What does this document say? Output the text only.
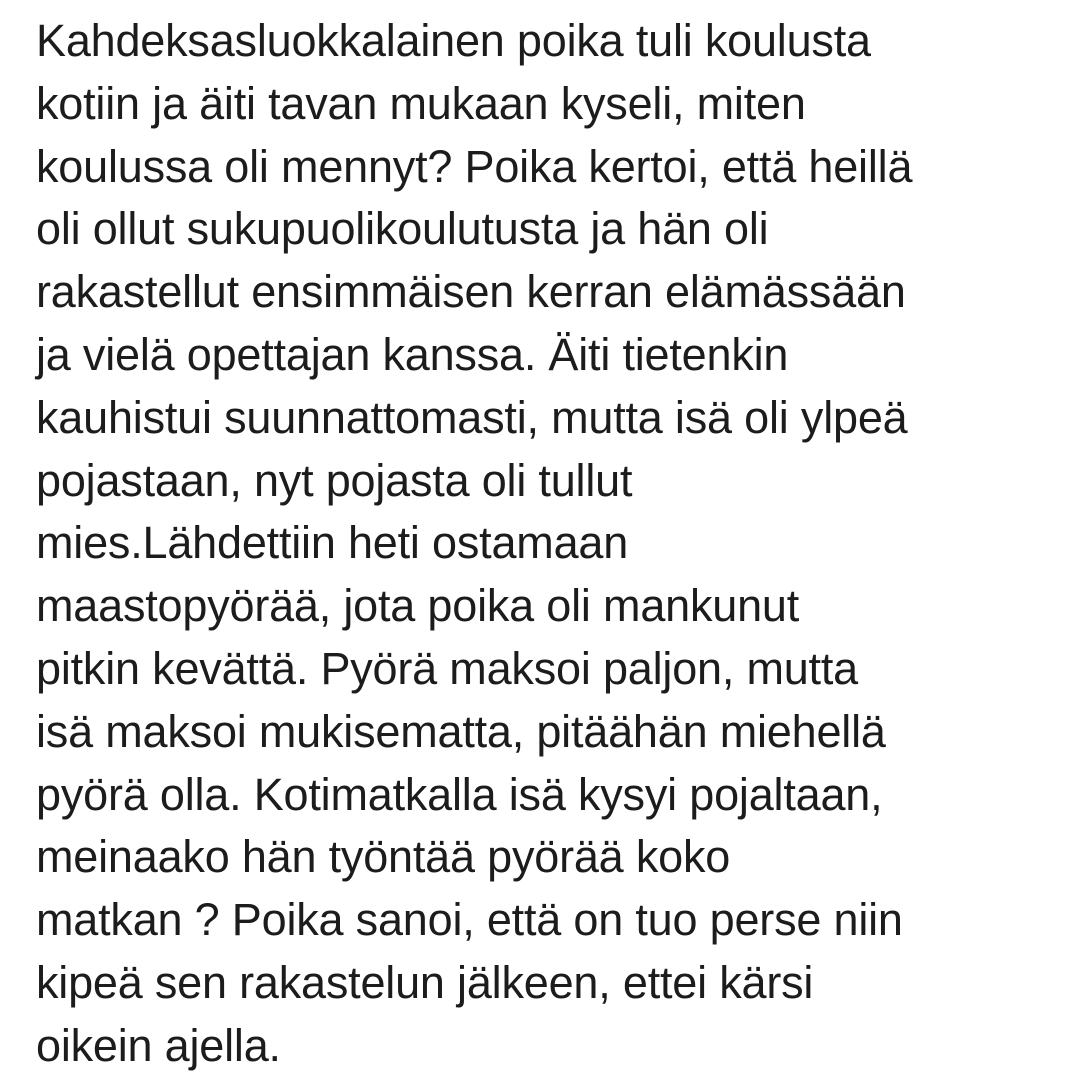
Kahdeksasluokkalainen poika tuli koulusta
kotiin ja äiti tavan mukaan kyseli, miten
koulussa oli mennyt? Poika kertoi, että heillä
oli ollut sukupuolikoulutusta ja hän oli
rakastellut ensimmäisen kerran elämässään
ja vielä opettajan kanssa. Äiti tietenkin
kauhistui suunnattomasti, mutta isä oli ylpeä
pojastaan, nyt pojasta oli tullut
mies.Lähdettiin heti ostamaan
maastopyörää, jota poika oli mankunut
pitkin kevättä. Pyörä maksoi paljon, mutta
isä maksoi mukisematta, pitäähän miehellä
pyörä olla. Kotimatkalla isä kysyi pojaltaan,
meinaako hän työntää pyörää koko
matkan ? Poika sanoi, että on tuo perse niin
kipeä sen rakastelun jälkeen, ettei kärsi
oikein ajella.
